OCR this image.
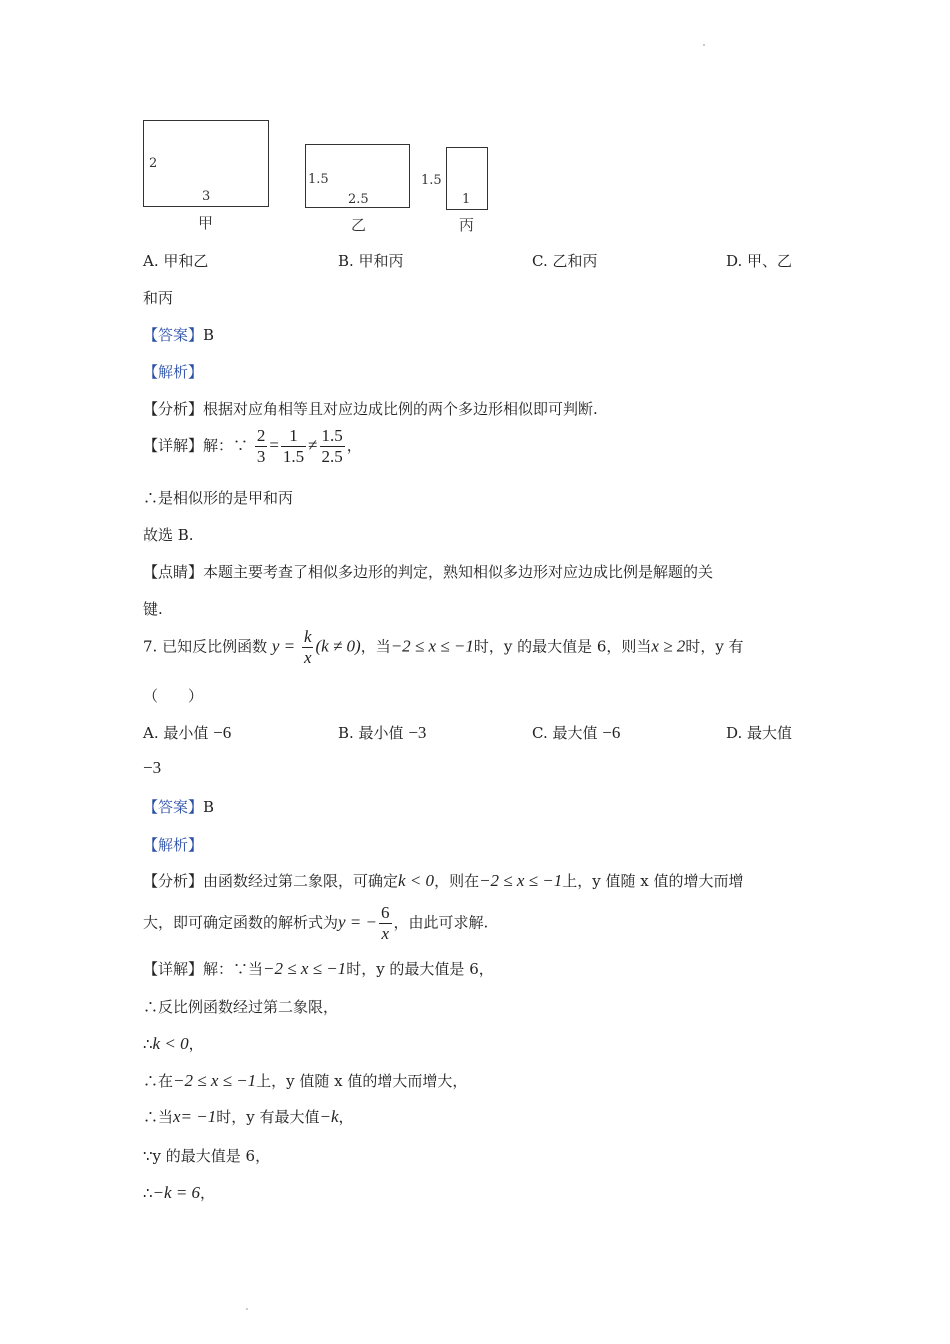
2
3
甲
1.5
2.5
乙
1.5
1
丙
A. 甲和乙	B. 甲和丙	C. 乙和丙	D. 甲、乙
和丙
【答案】B
【解析】
【分析】根据对应角相等且对应边成比例的两个多边形相似即可判断.
【详解】解：∵ $\frac{2}{3} = \frac{1}{1.5} \ne \frac{1.5}{2.5}$ ，
∴是相似形的是甲和丙
故选 B.
【点睛】本题主要考查了相似多边形的判定，熟知相似多边形对应边成比例是解题的关
键.
7. 已知反比例函数 $y = \frac{k}{x} (k \ne 0)$，当−2 ≤ x ≤ −1时，y 的最大值是 6，则当x ≥ 2时，y 有
（　　）
A. 最小值 −6	B. 最小值 −3	C. 最大值 −6	D. 最大值
−3
【答案】B
【解析】
【分析】由函数经过第二象限，可确定k < 0，则在−2 ≤ x ≤ −1上，y 值随 x 值的增大而增
大，即可确定函数的解析式为y = − $\frac{6}{x}$ ，由此可求解.
【详解】解：∵当−2 ≤ x ≤ −1时，y 的最大值是 6，
∴反比例函数经过第二象限，
∴k < 0，
∴在−2 ≤ x ≤ −1上，y 值随 x 值的增大而增大，
∴当x= −1时，y 有最大值−k，
∵y 的最大值是 6，
∴−k = 6，
